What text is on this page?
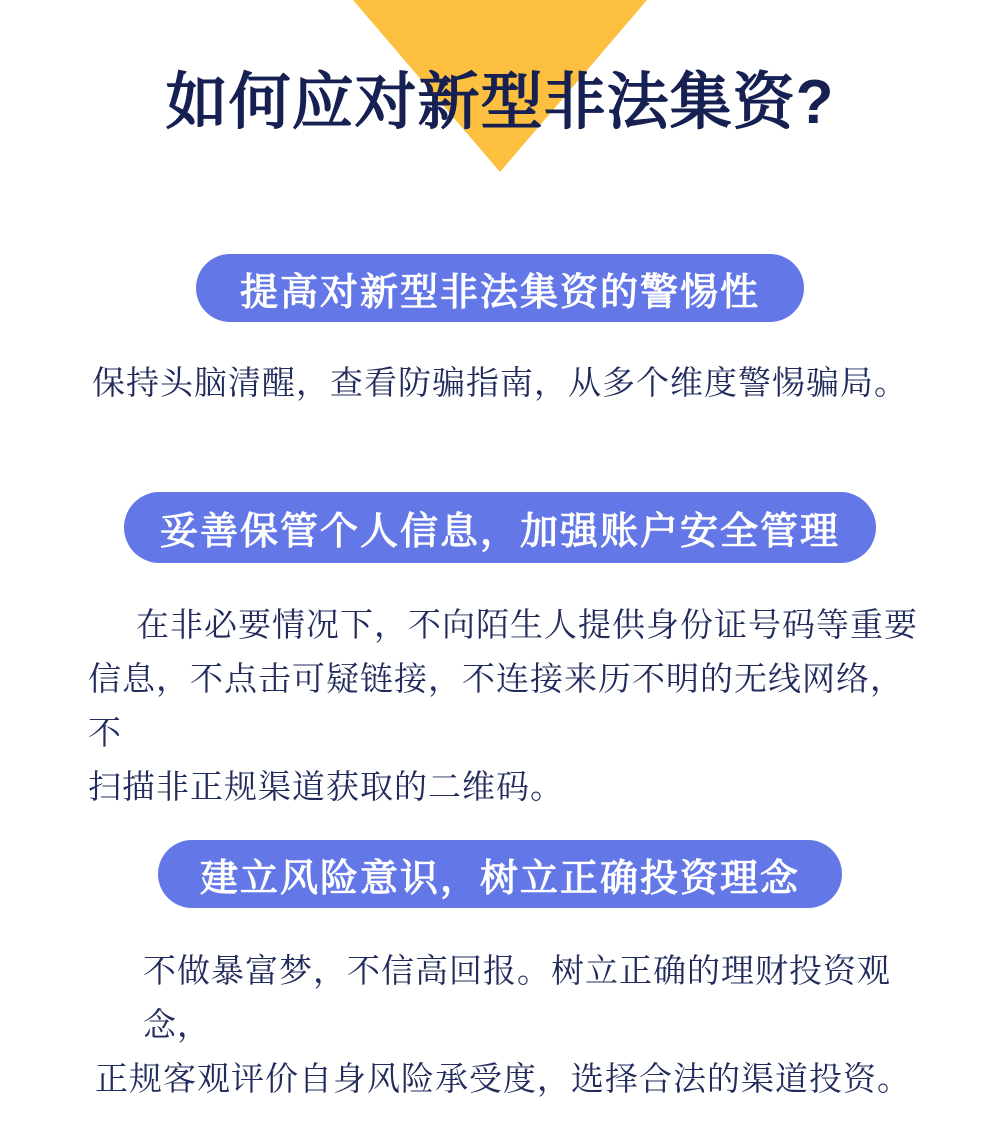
如何应对新型非法集资?
提高对新型非法集资的警惕性
保持头脑清醒，查看防骗指南，从多个维度警惕骗局。
妥善保管个人信息，加强账户安全管理
在非必要情况下，不向陌生人提供身份证号码等重要
信息，不点击可疑链接，不连接来历不明的无线网络，不
扫描非正规渠道获取的二维码。
建立风险意识，树立正确投资理念
不做暴富梦，不信高回报。树立正确的理财投资观念，
正规客观评价自身风险承受度，选择合法的渠道投资。
